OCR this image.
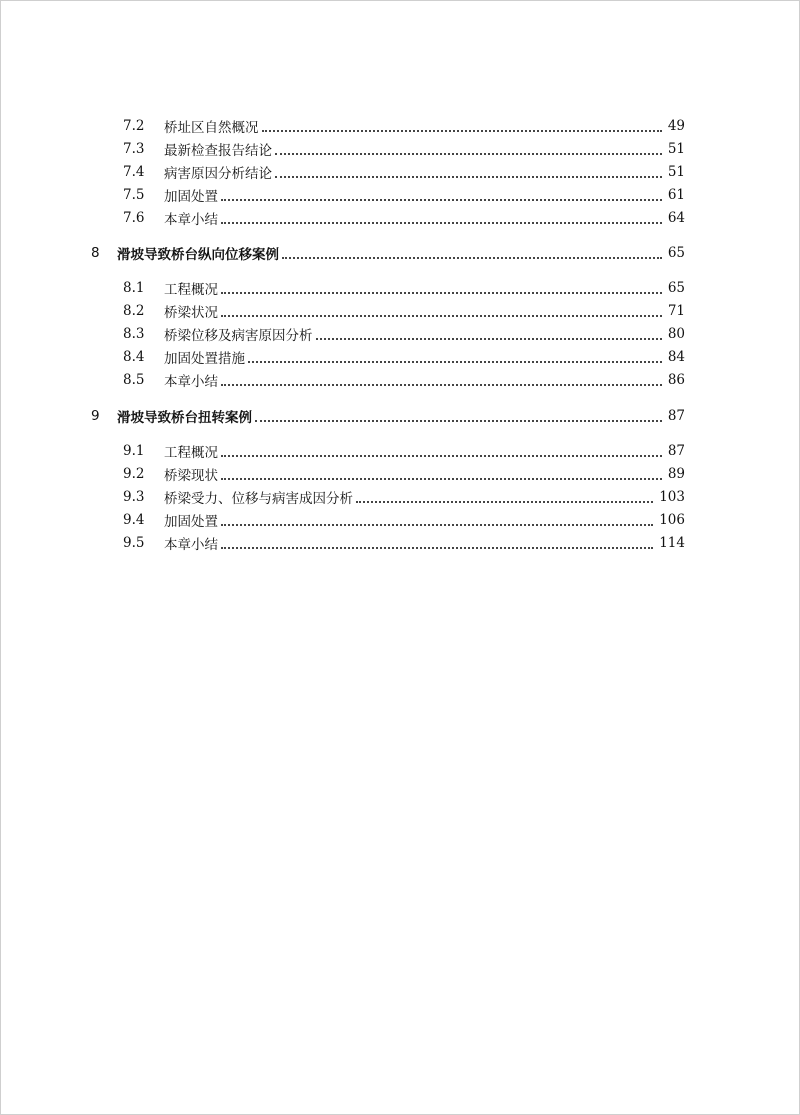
7.2 桥址区自然概况	49
7.3 最新检查报告结论	51
7.4 病害原因分析结论	51
7.5 加固处置	61
7.6 本章小结	64
8 滑坡导致桥台纵向位移案例	65
8.1 工程概况	65
8.2 桥梁状况	71
8.3 桥梁位移及病害原因分析	80
8.4 加固处置措施	84
8.5 本章小结	86
9 滑坡导致桥台扭转案例	87
9.1 工程概况	87
9.2 桥梁现状	89
9.3 桥梁受力、位移与病害成因分析	103
9.4 加固处置	106
9.5 本章小结	114
